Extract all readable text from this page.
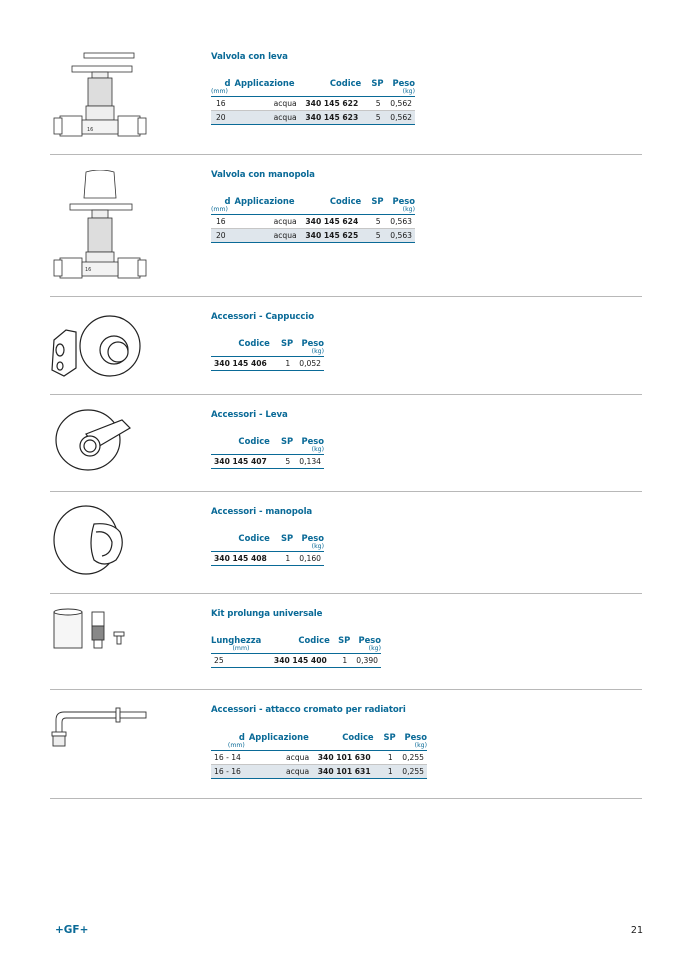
16
Valvola con leva
d	Applicazione	Codice	SP	Peso
(mm)				(kg)
16	acqua	340 145 622	5	0,562
20	acqua	340 145 623	5	0,562
16
Valvola con manopola
d	Applicazione	Codice	SP	Peso
(mm)				(kg)
16	acqua	340 145 624	5	0,563
20	acqua	340 145 625	5	0,563
Accessori - Cappuccio
Codice	SP	Peso
		(kg)
340 145 406	1	0,052
Accessori - Leva
Codice	SP	Peso
		(kg)
340 145 407	5	0,134
Accessori - manopola
Codice	SP	Peso
		(kg)
340 145 408	1	0,160
Kit prolunga universale
Lunghezza	Codice	SP	Peso
(mm)			(kg)
25	340 145 400	1	0,390
Accessori - attacco cromato per radiatori
d	Applicazione	Codice	SP	Peso
(mm)				(kg)
16 - 14	acqua	340 101 630	1	0,255
16 - 16	acqua	340 101 631	1	0,255
+GF+	21
